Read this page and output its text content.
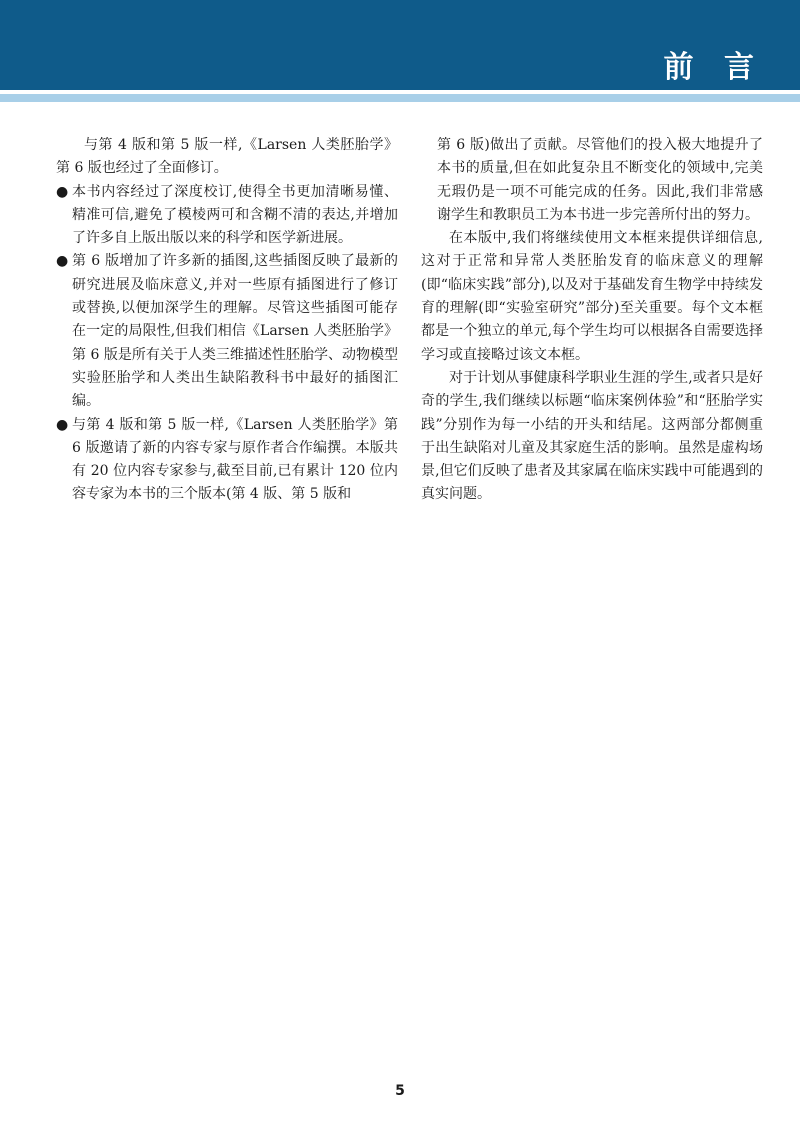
前 言

与第 4 版和第 5 版一样,《Larsen 人类胚胎学》第 6 版也经过了全面修订。

● 本书内容经过了深度校订,使得全书更加清晰易懂、精准可信,避免了模棱两可和含糊不清的表达,并增加了许多自上版出版以来的科学和医学新进展。
● 第 6 版增加了许多新的插图,这些插图反映了最新的研究进展及临床意义,并对一些原有插图进行了修订或替换,以便加深学生的理解。尽管这些插图可能存在一定的局限性,但我们相信《Larsen 人类胚胎学》第 6 版是所有关于人类三维描述性胚胎学、动物模型实验胚胎学和人类出生缺陷教科书中最好的插图汇编。
● 与第 4 版和第 5 版一样,《Larsen 人类胚胎学》第 6 版邀请了新的内容专家与原作者合作编撰。本版共有 20 位内容专家参与,截至目前,已有累计 120 位内容专家为本书的三个版本(第 4 版、第 5 版和

第 6 版)做出了贡献。尽管他们的投入极大地提升了本书的质量,但在如此复杂且不断变化的领域中,完美无瑕仍是一项不可能完成的任务。因此,我们非常感谢学生和教职员工为本书进一步完善所付出的努力。

在本版中,我们将继续使用文本框来提供详细信息,这对于正常和异常人类胚胎发育的临床意义的理解(即“临床实践”部分),以及对于基础发育生物学中持续发育的理解(即“实验室研究”部分)至关重要。每个文本框都是一个独立的单元,每个学生均可以根据各自需要选择学习或直接略过该文本框。

对于计划从事健康科学职业生涯的学生,或者只是好奇的学生,我们继续以标题“临床案例体验”和“胚胎学实践”分别作为每一小结的开头和结尾。这两部分都侧重于出生缺陷对儿童及其家庭生活的影响。虽然是虚构场景,但它们反映了患者及其家属在临床实践中可能遇到的真实问题。

5
